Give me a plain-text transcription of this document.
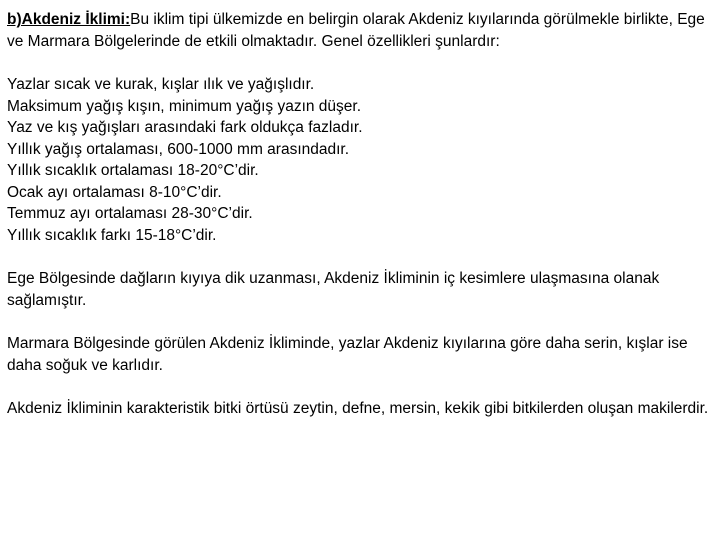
b)Akdeniz İklimi:Bu iklim tipi ülkemizde en belirgin olarak Akdeniz kıyılarında görülmekle birlikte, Ege ve Marmara Bölgelerinde de etkili olmaktadır. Genel özellikleri şunlardır:

Yazlar sıcak ve kurak, kışlar ılık ve yağışlıdır.

Maksimum yağış kışın, minimum yağış yazın düşer.

Yaz ve kış yağışları arasındaki fark oldukça fazladır.

Yıllık yağış ortalaması, 600-1000 mm arasındadır.

Yıllık sıcaklık ortalaması 18-20°C’dir.

Ocak ayı ortalaması 8-10°C’dir.

Temmuz ayı ortalaması 28-30°C’dir.

Yıllık sıcaklık farkı 15-18°C’dir.

Ege Bölgesinde dağların kıyıya dik uzanması, Akdeniz İkliminin iç kesimlere ulaşmasına olanak sağlamıştır.

Marmara Bölgesinde görülen Akdeniz İkliminde, yazlar Akdeniz kıyılarına göre daha serin, kışlar ise daha soğuk ve karlıdır.

Akdeniz İkliminin karakteristik bitki örtüsü zeytin, defne, mersin, kekik gibi bitkilerden oluşan makilerdir.
